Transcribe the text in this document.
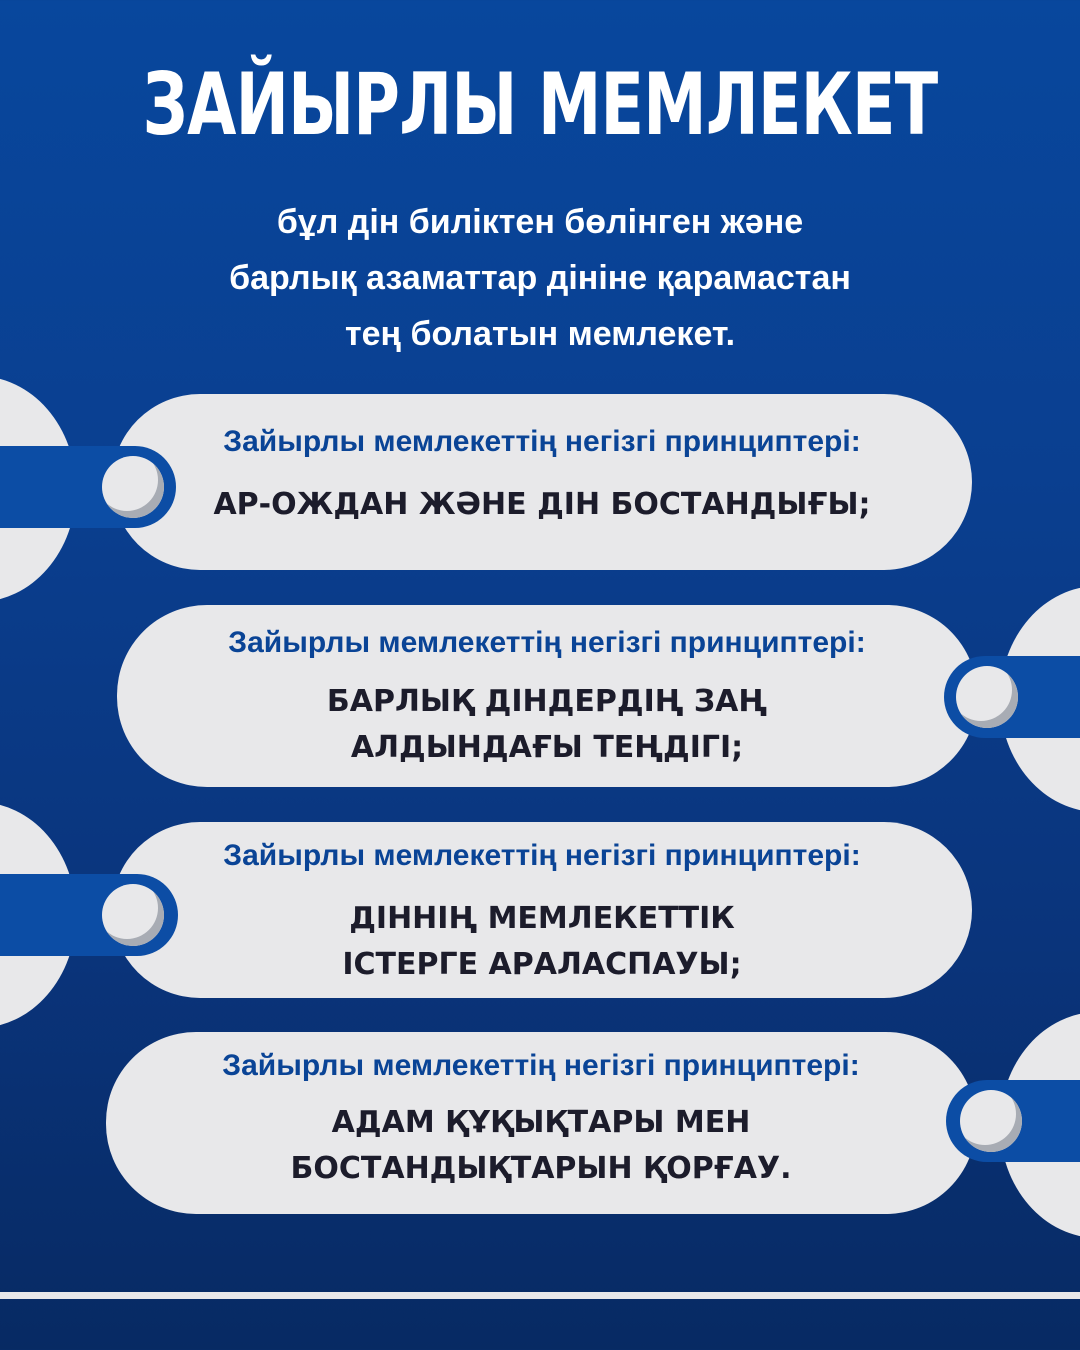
ЗАЙЫРЛЫ МЕМЛЕКЕТ
бұл дін биліктен бөлінген және
барлық азаматтар дініне қарамастан
тең болатын мемлекет.
Зайырлы мемлекеттің негізгі принциптері:
АР-ОЖДАН ЖӘНЕ ДІН БОСТАНДЫҒЫ;
Зайырлы мемлекеттің негізгі принциптері:
БАРЛЫҚ ДІНДЕРДІҢ ЗАҢ
АЛДЫНДАҒЫ ТЕҢДІГІ;
Зайырлы мемлекеттің негізгі принциптері:
ДІННІҢ МЕМЛЕКЕТТІК
ІСТЕРГЕ АРАЛАСПАУЫ;
Зайырлы мемлекеттің негізгі принциптері:
АДАМ ҚҰҚЫҚТАРЫ МЕН
БОСТАНДЫҚТАРЫН ҚОРҒАУ.
